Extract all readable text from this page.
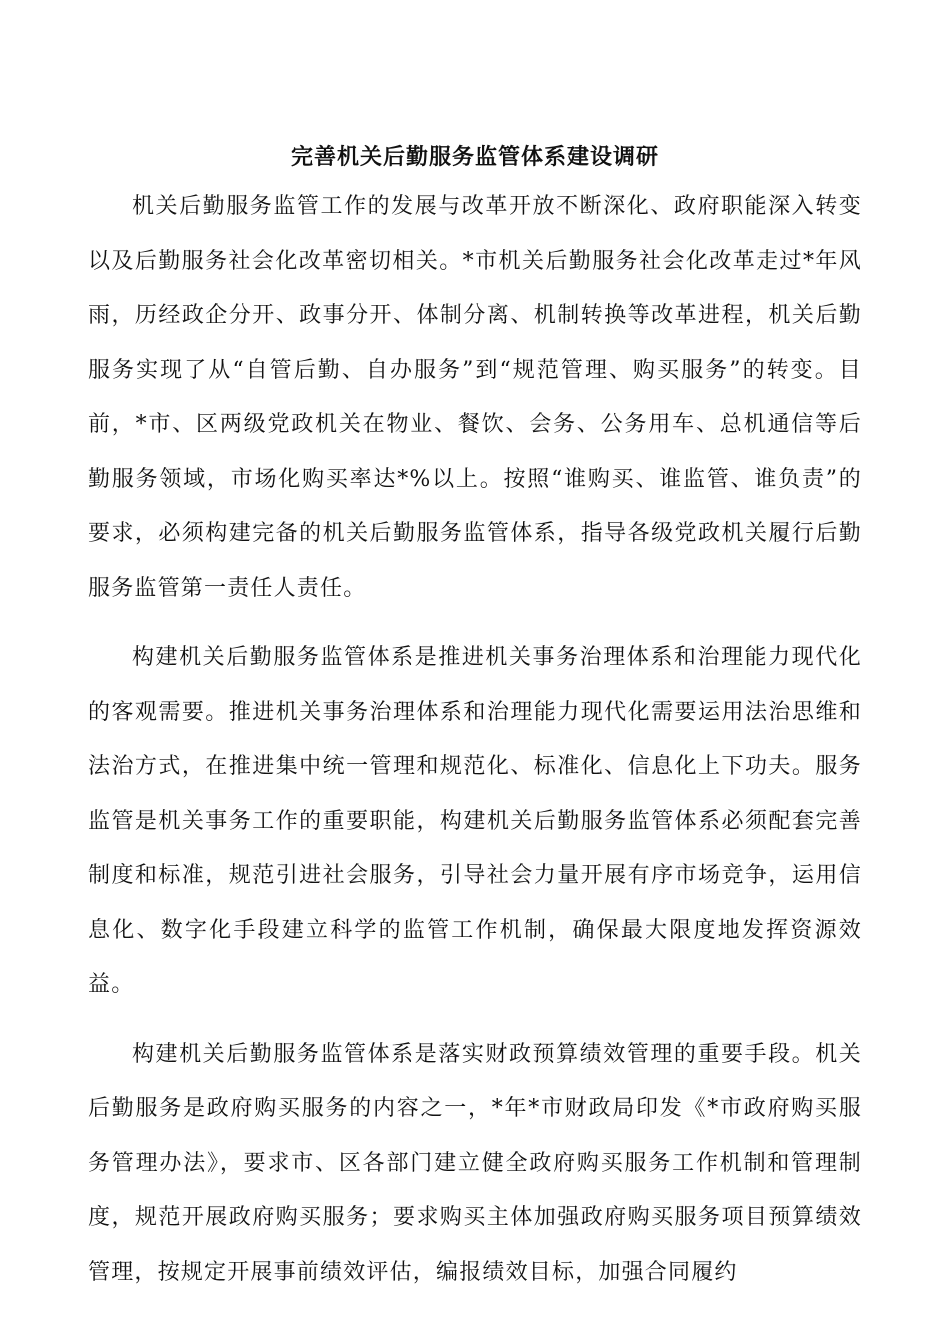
完善机关后勤服务监管体系建设调研

机关后勤服务监管工作的发展与改革开放不断深化、政府职能深入转变以及后勤服务社会化改革密切相关。*市机关后勤服务社会化改革走过*年风雨，历经政企分开、政事分开、体制分离、机制转换等改革进程，机关后勤服务实现了从“自管后勤、自办服务”到“规范管理、购买服务”的转变。目前，*市、区两级党政机关在物业、餐饮、会务、公务用车、总机通信等后勤服务领域，市场化购买率达*%以上。按照“谁购买、谁监管、谁负责”的要求，必须构建完备的机关后勤服务监管体系，指导各级党政机关履行后勤服务监管第一责任人责任。

构建机关后勤服务监管体系是推进机关事务治理体系和治理能力现代化的客观需要。推进机关事务治理体系和治理能力现代化需要运用法治思维和法治方式，在推进集中统一管理和规范化、标准化、信息化上下功夫。服务监管是机关事务工作的重要职能，构建机关后勤服务监管体系必须配套完善制度和标准，规范引进社会服务，引导社会力量开展有序市场竞争，运用信息化、数字化手段建立科学的监管工作机制，确保最大限度地发挥资源效益。

构建机关后勤服务监管体系是落实财政预算绩效管理的重要手段。机关后勤服务是政府购买服务的内容之一，*年*市财政局印发《*市政府购买服务管理办法》，要求市、区各部门建立健全政府购买服务工作机制和管理制度，规范开展政府购买服务；要求购买主体加强政府购买服务项目预算绩效管理，按规定开展事前绩效评估，编报绩效目标，加强合同履约
